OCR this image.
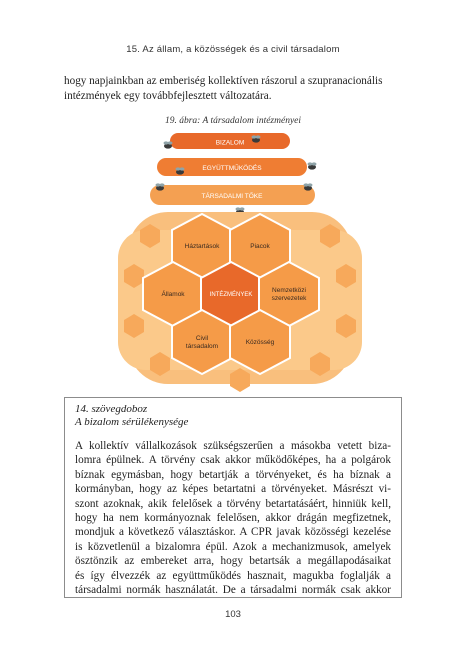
15. Az állam, a közösségek és a civil társadalom
hogy napjainkban az emberiség kollektíven rászorul a szupranacionális
intézmények egy továbbfejlesztett változatára.
19. ábra: A társadalom intézményei
BIZALOM
EGYÜTTMŰKÖDÉS
TÁRSADALMI TŐKE
Háztartások	Piacok
Államok	INTÉZMÉNYEK
Nemzetközi
szervezetek
Civil
társadalom
Közösség
14. szövegdoboz
A bizalom sérülékenysége
A kollektív vállalkozások szükségszerűen a másokba vetett biza-
lomra épülnek. A törvény csak akkor működőképes, ha a polgárok
bíznak egymásban, hogy betartják a törvényeket, és ha bíznak a
kormányban, hogy az képes betartatni a törvényeket. Másrészt vi-
szont azoknak, akik felelősek a törvény betartatásáért, hinniük kell,
hogy ha nem kormányoznak felelősen, akkor drágán megfizetnek,
mondjuk a következő választáskor. A CPR javak közösségi kezelése
is közvetlenül a bizalomra épül. Azok a mechanizmusok, amelyek
ösztönzik az embereket arra, hogy betartsák a megállapodásaikat
és így élvezzék az együttműködés hasznait, magukba foglalják a
társadalmi normák használatát. De a társadalmi normák csak akkor
103
